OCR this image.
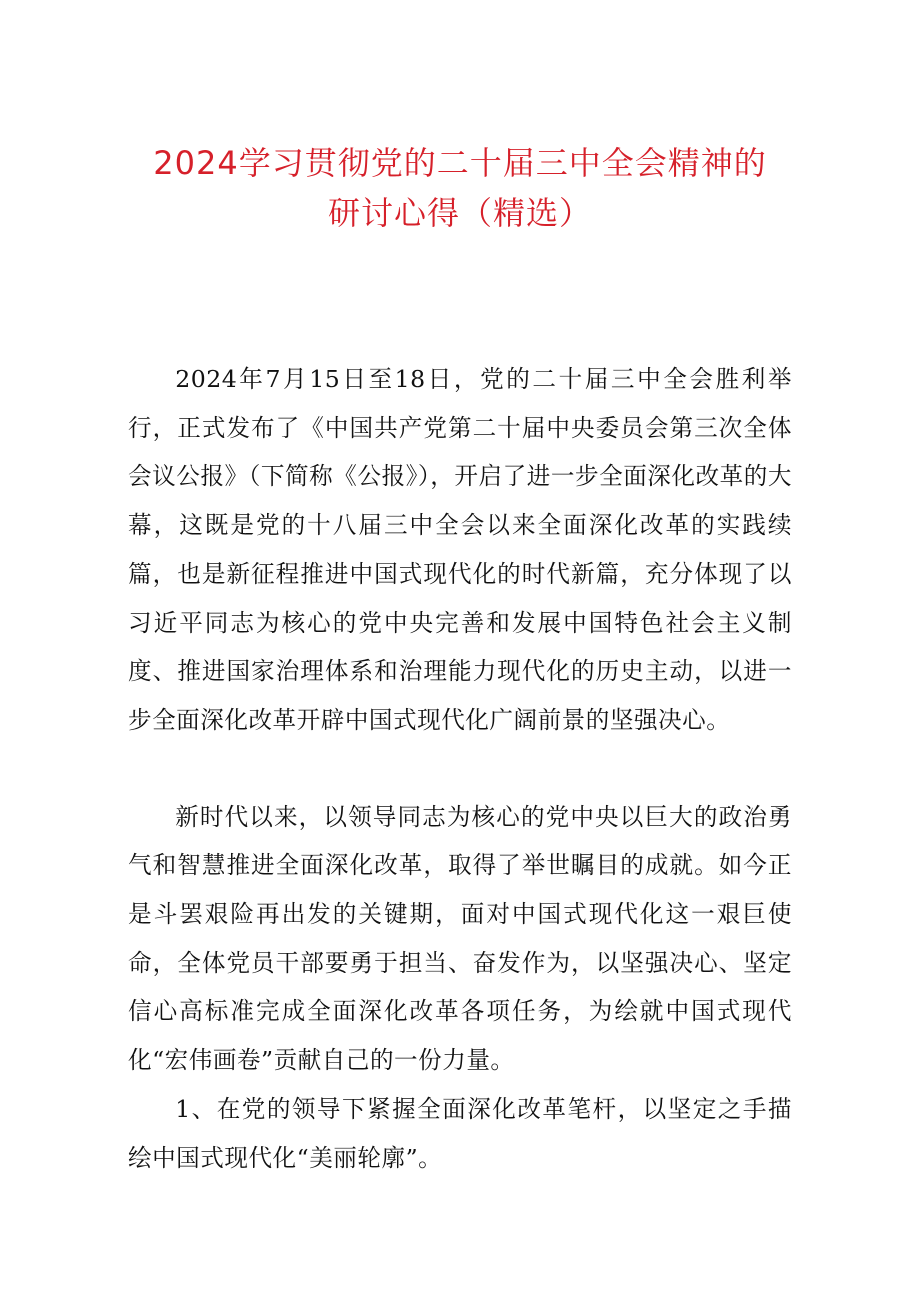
2024学习贯彻党的二十届三中全会精神的
研讨心得（精选）

2024年7月15日至18日，党的二十届三中全会胜利举行，正式发布了《中国共产党第二十届中央委员会第三次全体会议公报》（下简称《公报》），开启了进一步全面深化改革的大幕，这既是党的十八届三中全会以来全面深化改革的实践续篇，也是新征程推进中国式现代化的时代新篇，充分体现了以习近平同志为核心的党中央完善和发展中国特色社会主义制度、推进国家治理体系和治理能力现代化的历史主动，以进一步全面深化改革开辟中国式现代化广阔前景的坚强决心。

新时代以来，以领导同志为核心的党中央以巨大的政治勇气和智慧推进全面深化改革，取得了举世瞩目的成就。如今正是斗罢艰险再出发的关键期，面对中国式现代化这一艰巨使命，全体党员干部要勇于担当、奋发作为，以坚强决心、坚定信心高标准完成全面深化改革各项任务，为绘就中国式现代化“宏伟画卷”贡献自己的一份力量。

1、在党的领导下紧握全面深化改革笔杆，以坚定之手描绘中国式现代化“美丽轮廓”。
